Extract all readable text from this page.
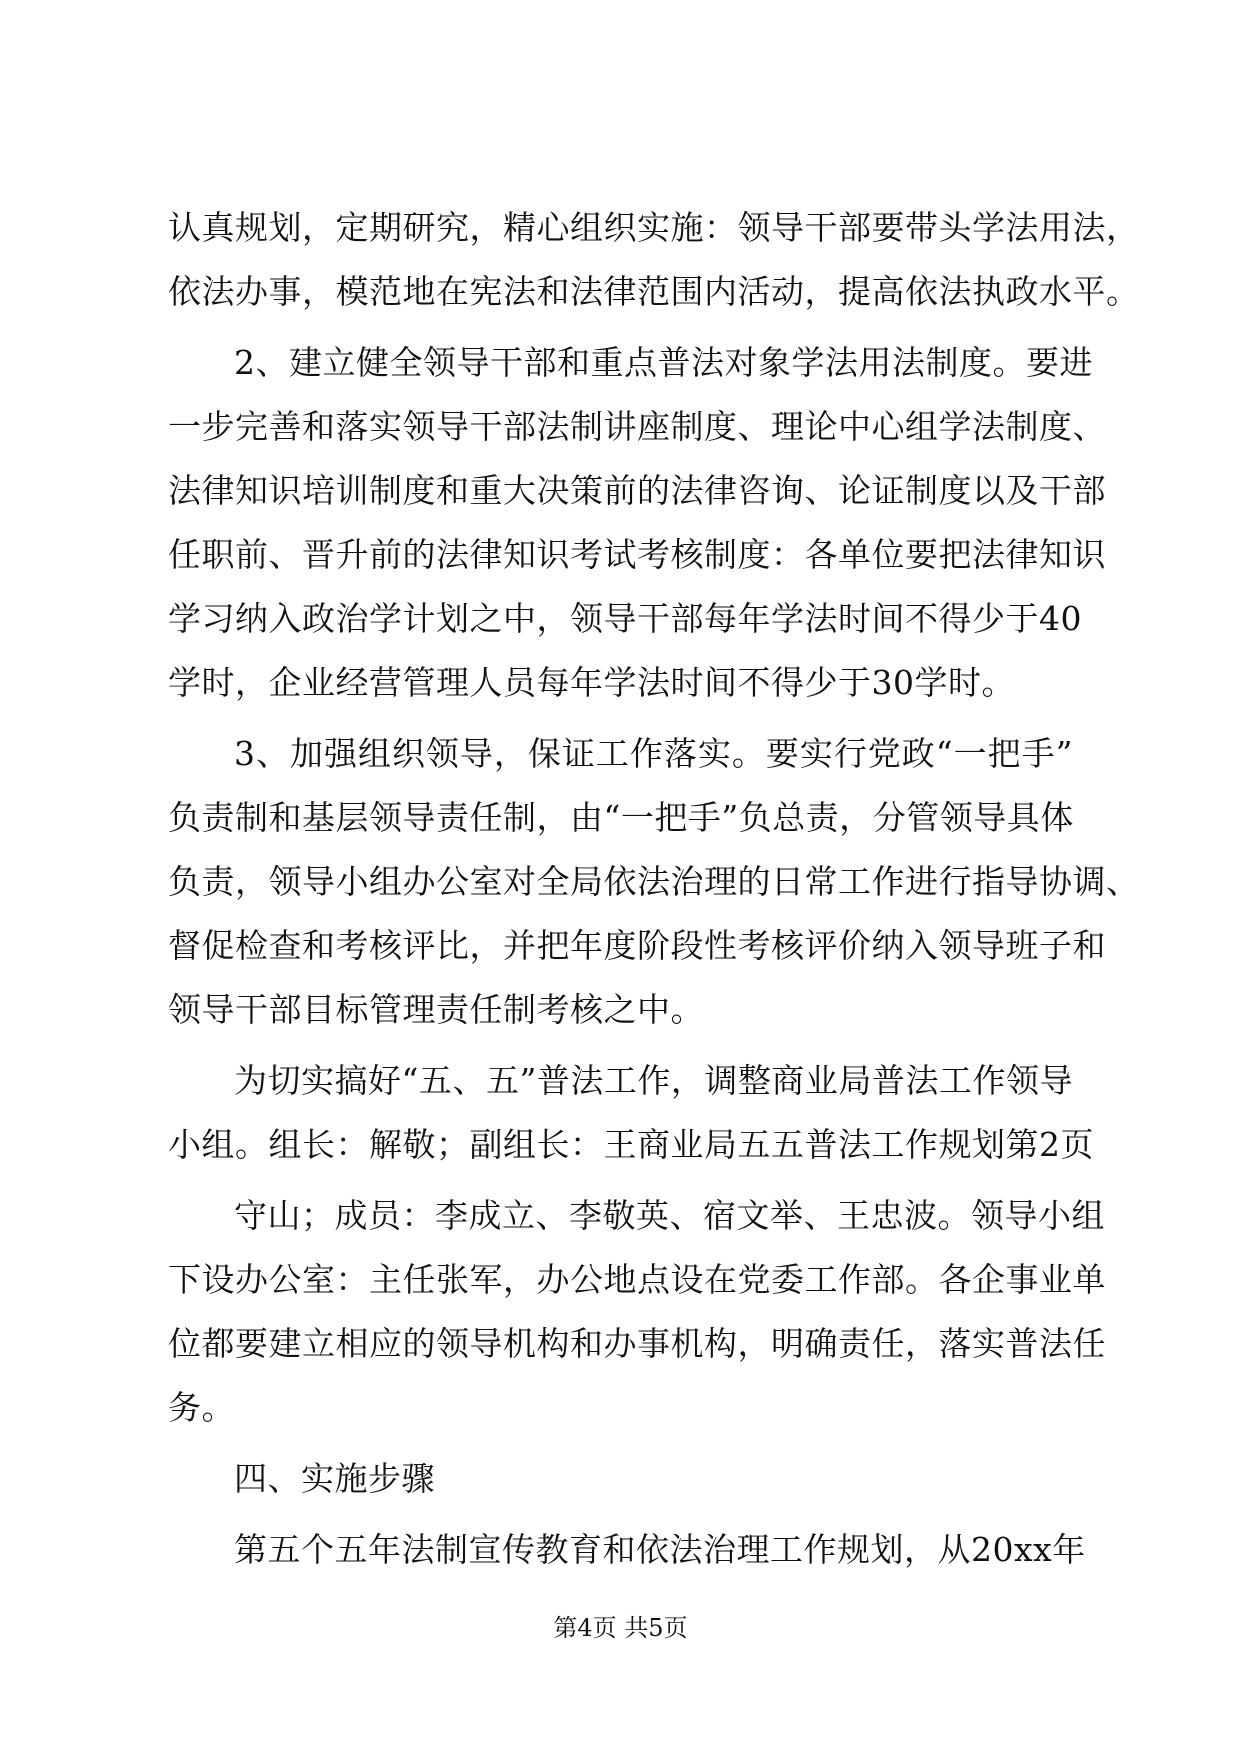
认真规划，定期研究，精心组织实施：领导干部要带头学法用法，
依法办事，模范地在宪法和法律范围内活动，提高依法执政水平。
2、建立健全领导干部和重点普法对象学法用法制度。要进
一步完善和落实领导干部法制讲座制度、理论中心组学法制度、
法律知识培训制度和重大决策前的法律咨询、论证制度以及干部
任职前、晋升前的法律知识考试考核制度：各单位要把法律知识
学习纳入政治学计划之中，领导干部每年学法时间不得少于40
学时，企业经营管理人员每年学法时间不得少于30学时。
3、加强组织领导，保证工作落实。要实行党政“一把手”
负责制和基层领导责任制，由“一把手”负总责，分管领导具体
负责，领导小组办公室对全局依法治理的日常工作进行指导协调、
督促检查和考核评比，并把年度阶段性考核评价纳入领导班子和
领导干部目标管理责任制考核之中。
为切实搞好“五、五”普法工作，调整商业局普法工作领导
小组。组长：解敬；副组长：王商业局五五普法工作规划第2页
守山；成员：李成立、李敬英、宿文举、王忠波。领导小组
下设办公室：主任张军，办公地点设在党委工作部。各企事业单
位都要建立相应的领导机构和办事机构，明确责任，落实普法任
务。
四、实施步骤
第五个五年法制宣传教育和依法治理工作规划，从20xx年
第4页 共5页
